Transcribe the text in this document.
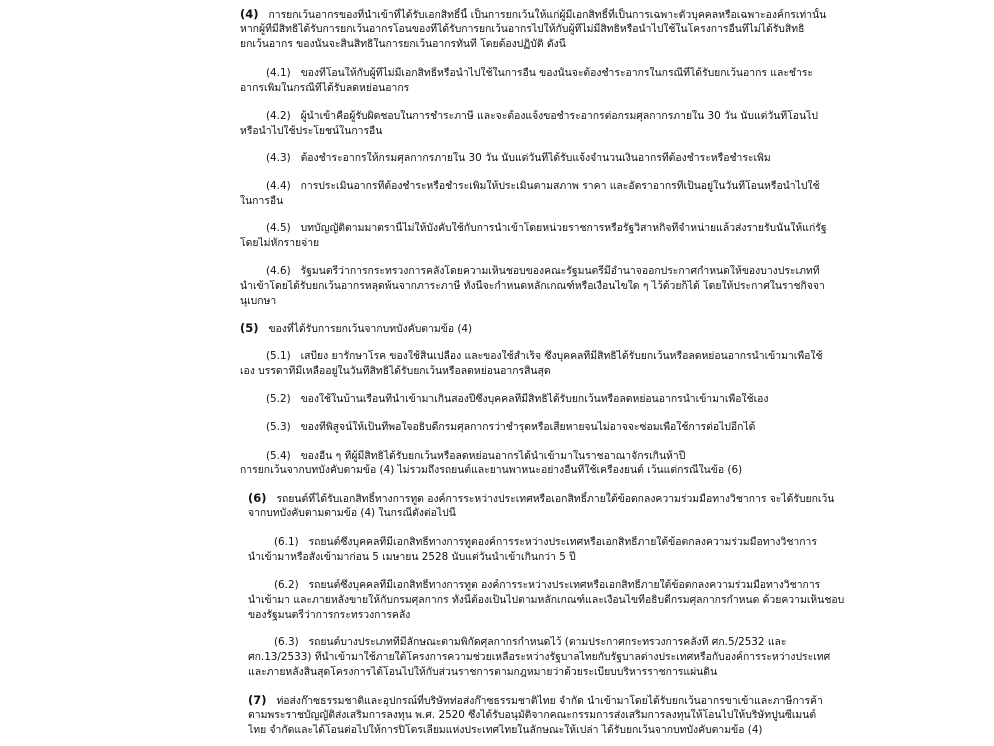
(4) การยกเว้นอากรของที่นำเข้าที่ได้รับเอกสิทธิ์นี้ เป็นการยกเว้นให้แก่ผู้มีเอกสิทธิ์ที่เป็นการเฉพาะตัวบุคคลหรือเฉพาะองค์กรเท่านั้น
หากผู้ที่มีสิทธิได้รับการยกเว้นอากรโอนของที่ได้รับการยกเว้นอากรไปให้กับผู้ที่ไม่มีสิทธิหรือนำไปใช้ในโครงการอื่นที่ไม่ได้รับสิทธิ
ยกเว้นอากร ของนั้นจะสิ้นสิทธิในการยกเว้นอากรทันที โดยต้องปฏิบัติ ดังนี้
(4.1) ของที่โอนให้กับผู้ที่ไม่มีเอกสิทธิ์หรือนำไปใช้ในการอื่น ของนั้นจะต้องชำระอากรในกรณีที่ได้รับยกเว้นอากร และชำระ
อากรเพิ่มในกรณีที่ได้รับลดหย่อนอากร
(4.2) ผู้นำเข้าคือผู้รับผิดชอบในการชำระภาษี และจะต้องแจ้งขอชำระอากรต่อกรมศุลกากรภายใน 30 วัน นับแต่วันที่โอนไป
หรือนำไปใช้ประโยชน์ในการอื่น
(4.3) ต้องชำระอากรให้กรมศุลกากรภายใน 30 วัน นับแต่วันที่ได้รับแจ้งจำนวนเงินอากรที่ต้องชำระหรือชำระเพิ่ม
(4.4) การประเมินอากรที่ต้องชำระหรือชำระเพิ่มให้ประเมินตามสภาพ ราคา และอัตราอากรที่เป็นอยู่ในวันที่โอนหรือนำไปใช้
ในการอื่น
(4.5) บทบัญญัติตามมาตรานี้ไม่ให้บังคับใช้กับการนำเข้าโดยหน่วยราชการหรือรัฐวิสาหกิจที่จำหน่ายแล้วส่งรายรับนั้นให้แก่รัฐ
โดยไม่หักรายจ่าย
(4.6) รัฐมนตรีว่าการกระทรวงการคลังโดยความเห็นชอบของคณะรัฐมนตรีมีอำนาจออกประกาศกำหนดให้ของบางประเภทที่
นำเข้าโดยได้รับยกเว้นอากรหลุดพ้นจากภาระภาษี ทั้งนี้จะกำหนดหลักเกณฑ์หรือเงื่อนไขใด ๆ ไว้ด้วยก็ได้ โดยให้ประกาศในราชกิจจา
นุเบกษา
(5) ของที่ได้รับการยกเว้นจากบทบังคับตามข้อ (4)
(5.1) เสบียง ยารักษาโรค ของใช้สิ้นเปลือง และของใช้สำเร็จ ซึ่งบุคคลที่มีสิทธิได้รับยกเว้นหรือลดหย่อนอากรนำเข้ามาเพื่อใช้
เอง บรรดาที่มีเหลืออยู่ในวันที่สิทธิได้รับยกเว้นหรือลดหย่อนอากรสิ้นสุด
(5.2) ของใช้ในบ้านเรือนที่นำเข้ามาเกินสองปีซึ่งบุคคลที่มีสิทธิได้รับยกเว้นหรือลดหย่อนอากรนำเข้ามาเพื่อใช้เอง
(5.3) ของที่พิสูจน์ให้เป็นที่พอใจอธิบดีกรมศุลกากรว่าชำรุดหรือเสียหายจนไม่อาจจะซ่อมเพื่อใช้การต่อไปอีกได้
(5.4) ของอื่น ๆ ที่ผู้มีสิทธิได้รับยกเว้นหรือลดหย่อนอากรได้นำเข้ามาในราชอาณาจักรเกินห้าปี
การยกเว้นจากบทบังคับตามข้อ (4) ไม่รวมถึงรถยนต์และยานพาหนะอย่างอื่นที่ใช้เครื่องยนต์ เว้นแต่กรณีในข้อ (6)
(6) รถยนต์ที่ได้รับเอกสิทธิ์ทางการทูต องค์การระหว่างประเทศหรือเอกสิทธิ์ภายใต้ข้อตกลงความร่วมมือทางวิชาการ จะได้รับยกเว้น
จากบทบังคับตามตามข้อ (4) ในกรณีดังต่อไปนี้
(6.1) รถยนต์ซึ่งบุคคลที่มีเอกสิทธิ์ทางการทูตองค์การระหว่างประเทศหรือเอกสิทธิ์ภายใต้ข้อตกลงความร่วมมือทางวิชาการ
นำเข้ามาหรือสั่งเข้ามาก่อน 5 เมษายน 2528 นับแต่วันนำเข้าเกินกว่า 5 ปี
(6.2) รถยนต์ซึ่งบุคคลที่มีเอกสิทธิ์ทางการทูต องค์การระหว่างประเทศหรือเอกสิทธิ์ภายใต้ข้อตกลงความร่วมมือทางวิชาการ
นำเข้ามา และภายหลังขายให้กับกรมศุลกากร ทั้งนี้ต้องเป็นไปตามหลักเกณฑ์และเงื่อนไขที่อธิบดีกรมศุลกากรกำหนด ด้วยความเห็นชอบ
ของรัฐมนตรีว่าการกระทรวงการคลัง
(6.3) รถยนต์บางประเภทที่มีลักษณะตามพิกัดศุลกากรกำหนดไว้ (ตามประกาศกระทรวงการคลังที่ ศก.5/2532 และ
ศก.13/2533) ที่นำเข้ามาใช้ภายใต้โครงการความช่วยเหลือระหว่างรัฐบาลไทยกับรัฐบาลต่างประเทศหรือกับองค์การระหว่างประเทศ
และภายหลังสิ้นสุดโครงการได้โอนไปให้กับส่วนราชการตามกฎหมายว่าด้วยระเบียบบริหารราชการแผ่นดิน
(7) ท่อส่งก๊าซธรรมชาติและอุปกรณ์ที่บริษัทท่อส่งก๊าซธรรมชาติไทย จำกัด นำเข้ามาโดยได้รับยกเว้นอากรขาเข้าและภาษีการค้า
ตามพระราชบัญญัติส่งเสริมการลงทุน พ.ศ. 2520 ซึ่งได้รับอนุมัติจากคณะกรรมการส่งเสริมการลงทุนให้โอนไปให้บริษัทปูนซีเมนต์
ไทย จำกัดและได้โอนต่อไปให้การปิโตรเลียมแห่งประเทศไทยในลักษณะให้เปล่า ได้รับยกเว้นจากบทบังคับตามข้อ (4)
